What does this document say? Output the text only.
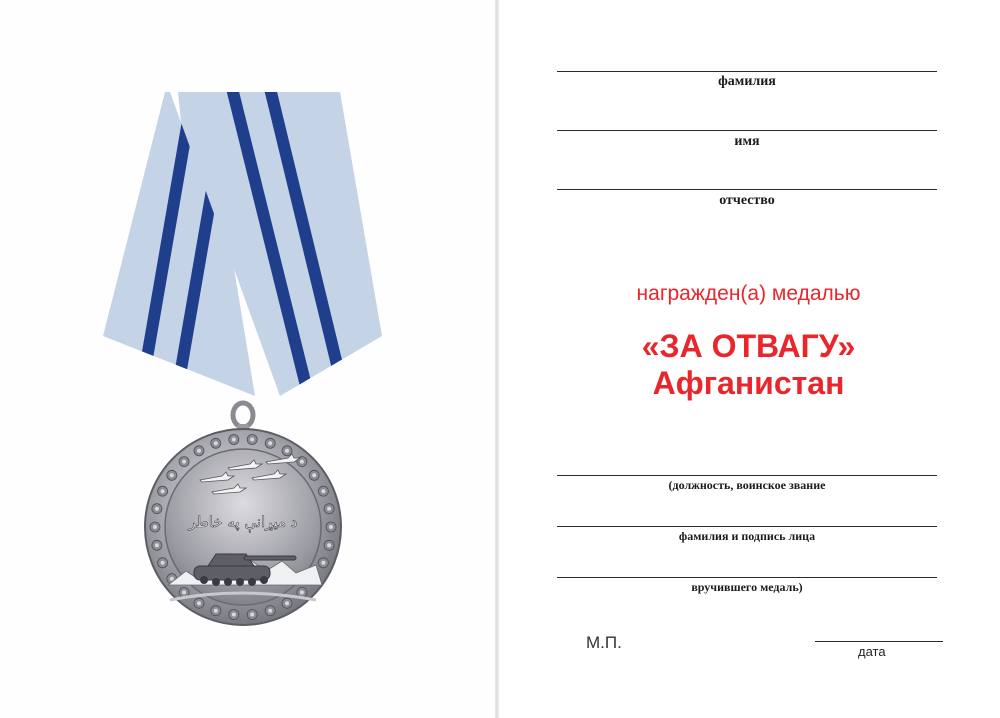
د میړانې په خاطر
фамилия
имя
отчество
награжден(а) медалью
«ЗА ОТВАГУ»
Афганистан
(должность, воинское звание
фамилия и подпись лица
вручившего медаль)
М.П.	дата
